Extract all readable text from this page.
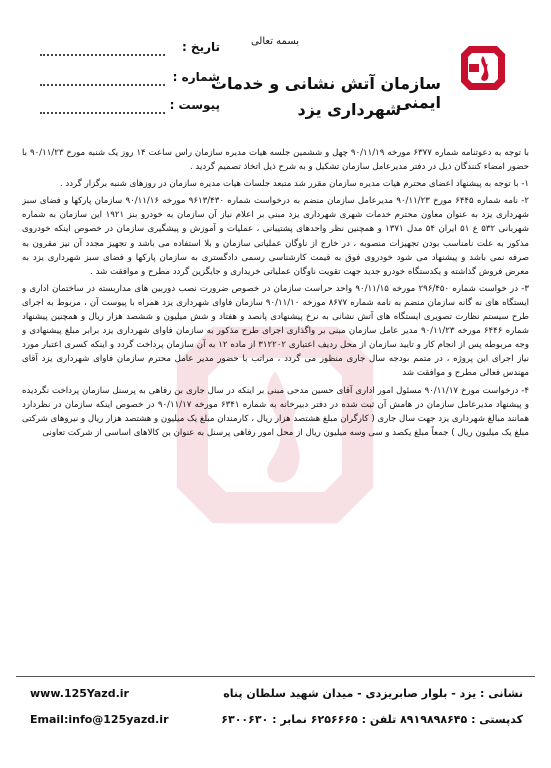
بسمه تعالی
سازمان آتش نشانی و خدمات ایمنی
شهرداری یزد
تاریخ :
شماره :
پیوست :

با توجه به دعوتنامه شماره ۶۳۷۷ مورخه ۹۰/۱۱/۱۹ چهل و ششمین جلسه هیات مدیره سازمان راس ساعت ۱۴ روز یک شنبه مورخ ۹۰/۱۱/۲۳ با حضور امضاء کنندگان ذیل در دفتر مدیرعامل سازمان تشکیل و به شرح ذیل اتخاذ تصمیم گردید .

۱- با توجه به پیشنهاد اعضای محترم هیات مدیره سازمان مقرر شد متبعد جلسات هیات مدیره سازمان در روزهای شنبه برگزار گردد .

۲- نامه شماره ۶۴۴۵ مورخ ۹۰/۱۱/۲۳ مدیرعامل سازمان منضم به درخواست شماره ۹۶۱۳/۴۳۰ مورخه ۹۰/۱۱/۱۶ سازمان پارکها و فضای سبز شهرداری یزد به عنوان معاون محترم خدمات شهری شهرداری یزد مبنی بر اعلام نیاز آن سازمان به خودرو بنز ۱۹۲۱ این سازمان به شماره شهربانی ۵۳۲ ع ۵۱ ایران ۵۴ مدل ۱۳۷۱ و همچنین نظر واحدهای پشتیبانی ، عملیات و آموزش و پیشگیری سازمان در خصوص اینکه خودروی مذکور به علت نامناسب بودن تجهیزات منصوبه ، در خارج از ناوگان عملیاتی سازمان و بلا استفاده می باشد و تجهیز مجدد آن نیز مقرون به صرفه نمی باشد و پیشنهاد می شود خودروی فوق به قیمت کارشناسی رسمی دادگستری به سازمان پارکها و فضای سبز شهرداری یزد به معرض فروش گذاشته و یکدستگاه خودرو جدید جهت تقویت ناوگان عملیاتی خریداری و جایگزین گردد مطرح و موافقت شد .

۳- در خواست شماره ۲۹۶/۴۵۰ مورخه ۹۰/۱۱/۱۵ واحد حراست سازمان در خصوص ضرورت نصب دوربین های مداربسته در ساختمان اداری و ایستگاه های نه گانه سازمان منضم به نامه شماره ۸۶۷۷ مورخه ۹۰/۱۱/۱۰ سازمان فاوای شهرداری یزد همراه با پیوست آن ، مربوط به اجرای طرح سیستم نظارت تصویری ایستگاه های آتش نشانی به نرخ پیشنهادی پانصد و هفتاد و شش میلیون و ششصد هزار ریال و همچنین پیشنهاد شماره ۶۴۴۶ مورخه ۹۰/۱۱/۲۳ مدیر عامل سازمان مبنی بر واگذاری اجرای طرح مذکور به سازمان فاوای شهرداری یزد برابر مبلغ پیشنهادی و وجه مربوطه پس از انجام کار و تایید سازمان از محل ردیف اعتباری ۳۱۲۲۰۲ از ماده ۱۲ به آن سازمان پرداخت گردد و اینکه کسری اعتبار مورد نیاز اجرای این پروژه ، در متمم بودجه سال جاری منظور می گردد ، مراتب با حضور مدیر عامل محترم سازمان فاوای شهرداری یزد آقای مهندس فعالی مطرح و موافقت شد

۴- درخواست مورخ ۹۰/۱۱/۱۷ مسئول امور اداری آقای حسین مدحی مبنی بر اینکه در سال جاری بن رفاهی به پرسنل سازمان پرداخت نگردیده و پیشنهاد مدیرعامل سازمان در هامش آن ثبت شده در دفتر دبیرخانه به شماره ۶۳۴۱ مورخه ۹۰/۱۱/۱۷ در خصوص اینکه سازمان در نظردارد همانند مبالغ شهرداری یزد جهت سال جاری ( کارگران مبلغ هشتصد هزار ریال ، کارمندان مبلغ یک میلیون و هشتصد هزار ریال و نیروهای شرکتی مبلغ یک میلیون ریال ) جمعاً مبلغ یکصد و سی وسه میلیون ریال از محل امور رفاهی پرسنل به عنوان بن کالاهای اساسی از شرکت تعاونی

نشانی : یزد - بلوار صابریزدی - میدان شهید سلطان پناه
کدپستی : ۸۹۱۹۸۹۸۶۴۵ تلفن : ۶۲۵۶۶۶۵ نمابر : ۶۳۰۰۶۳۰
www.125Yazd.ir
Email:info@125yazd.ir
